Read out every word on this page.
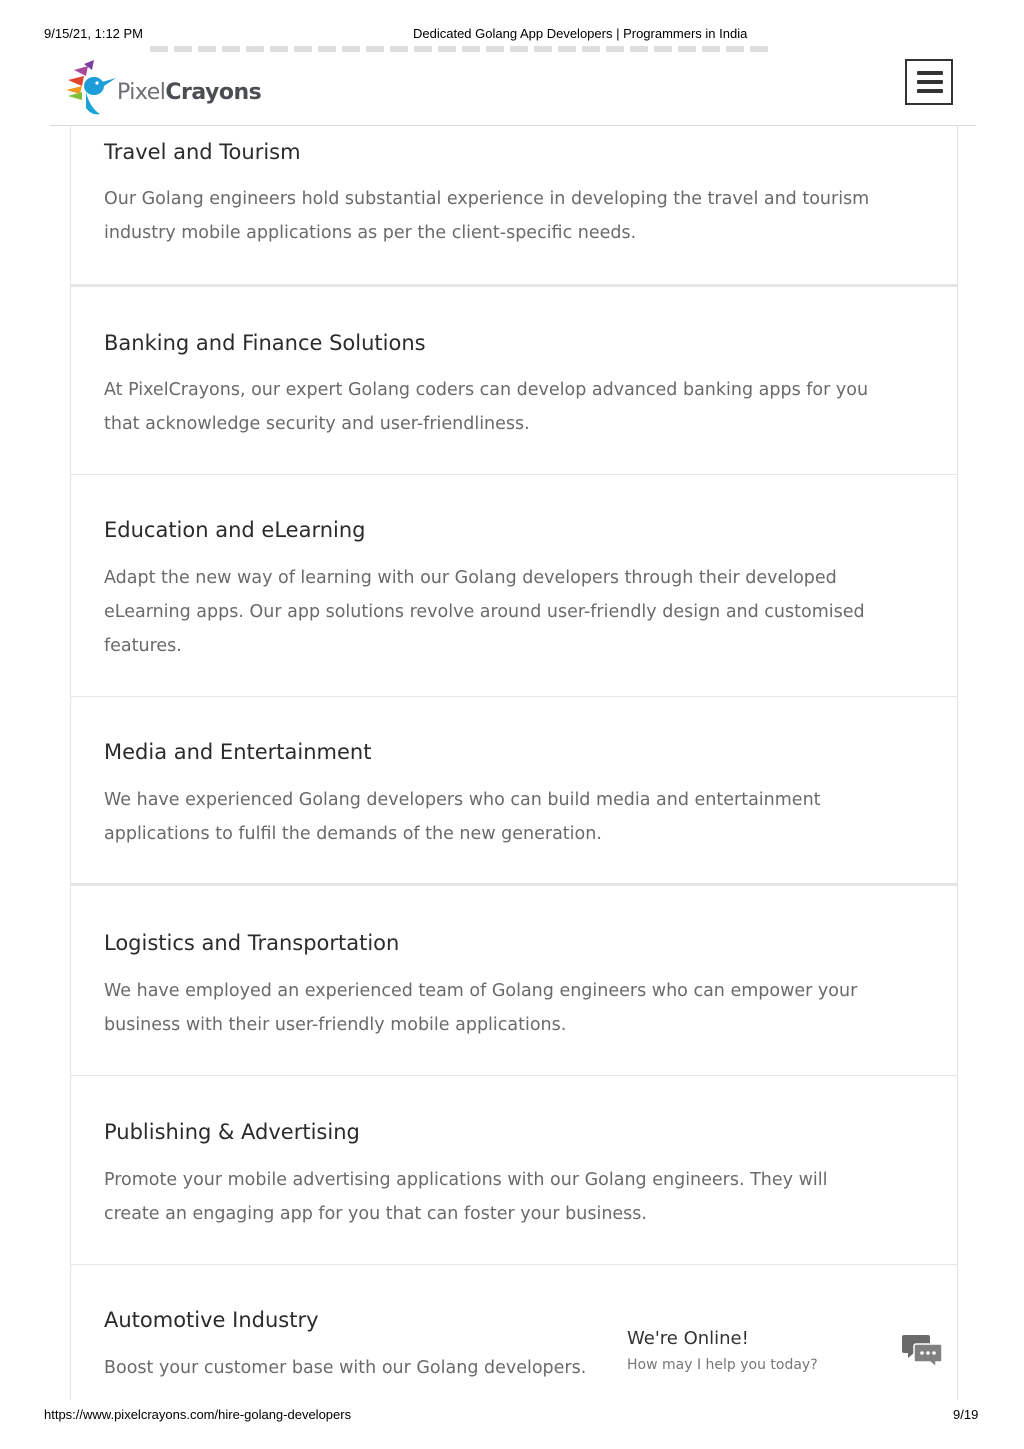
9/15/21, 1:12 PM	Dedicated Golang App Developers | Programmers in India
PixelCrayons
Travel and Tourism

Our Golang engineers hold substantial experience in developing the travel and tourism industry mobile applications as per the client-specific needs.

Banking and Finance Solutions

At PixelCrayons, our expert Golang coders can develop advanced banking apps for you that acknowledge security and user-friendliness.

Education and eLearning

Adapt the new way of learning with our Golang developers through their developed eLearning apps. Our app solutions revolve around user-friendly design and customised features.

Media and Entertainment

We have experienced Golang developers who can build media and entertainment applications to fulfil the demands of the new generation.

Logistics and Transportation

We have employed an experienced team of Golang engineers who can empower your business with their user-friendly mobile applications.

Publishing & Advertising

Promote your mobile advertising applications with our Golang engineers. They will create an engaging app for you that can foster your business.

Automotive Industry

Boost your customer base with our Golang developers.

We're Online!
How may I help you today?
https://www.pixelcrayons.com/hire-golang-developers	9/19
